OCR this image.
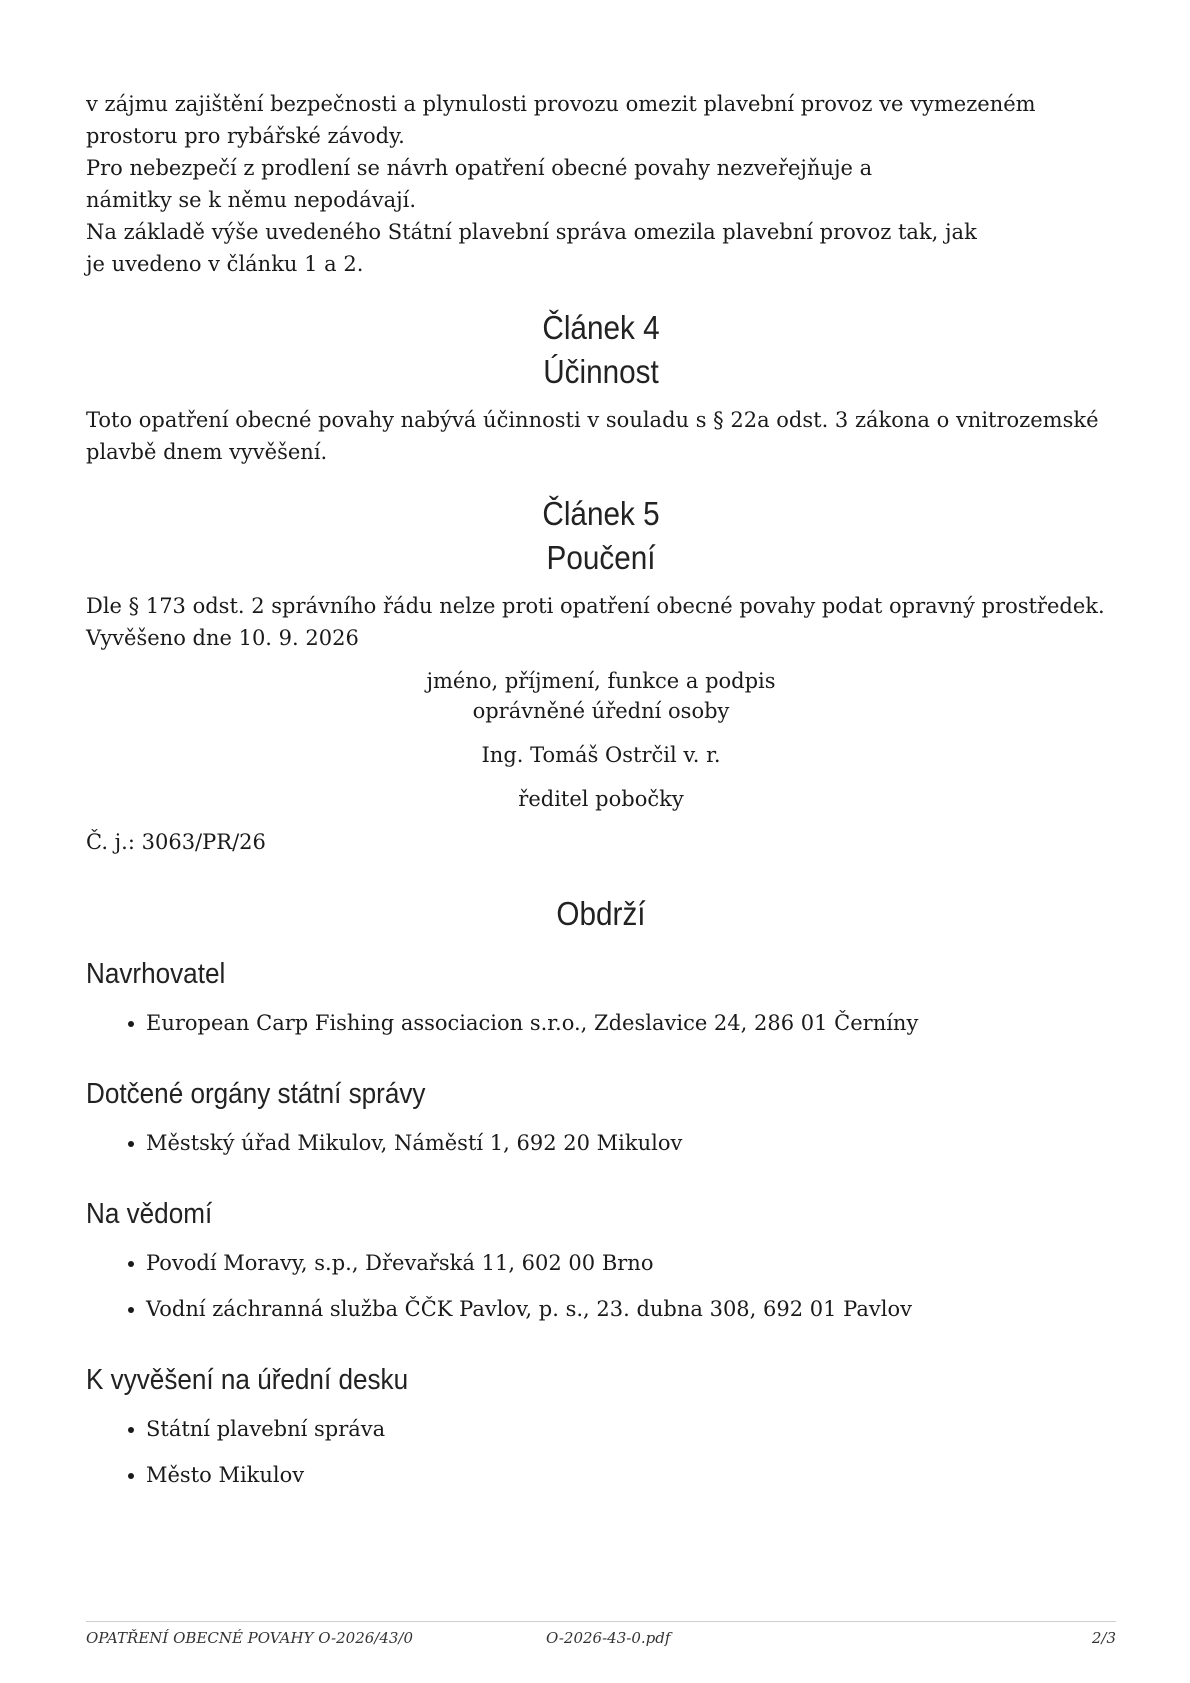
v zájmu zajištění bezpečnosti a plynulosti provozu omezit plavební provoz ve vymezeném prostoru pro rybářské závody.

Pro nebezpečí z prodlení se návrh opatření obecné povahy nezveřejňuje a námitky se k němu nepodávají.

Na základě výše uvedeného Státní plavební správa omezila plavební provoz tak, jak je uvedeno v článku 1 a 2.

Článek 4
Účinnost

Toto opatření obecné povahy nabývá účinnosti v souladu s § 22a odst. 3 zákona o vnitrozemské plavbě dnem vyvěšení.

Článek 5
Poučení

Dle § 173 odst. 2 správního řádu nelze proti opatření obecné povahy podat opravný prostředek.

Vyvěšeno dne 10. 9. 2026

jméno, příjmení, funkce a podpis

oprávněné úřední osoby

Ing. Tomáš Ostrčil v. r.

ředitel pobočky

Č. j.: 3063/PR/26

Obdrží
Navrhovatel
European Carp Fishing associacion s.r.o., Zdeslavice 24, 286 01 Černíny
Dotčené orgány státní správy
Městský úřad Mikulov, Náměstí 1, 692 20 Mikulov
Na vědomí
Povodí Moravy, s.p., Dřevařská 11, 602 00 Brno
Vodní záchranná služba ČČK Pavlov, p. s., 23. dubna 308, 692 01 Pavlov
K vyvěšení na úřední desku
Státní plavební správa
Město Mikulov
OPATŘENÍ OBECNÉ POVAHY O-2026/43/0	O-2026-43-0.pdf	2/3
